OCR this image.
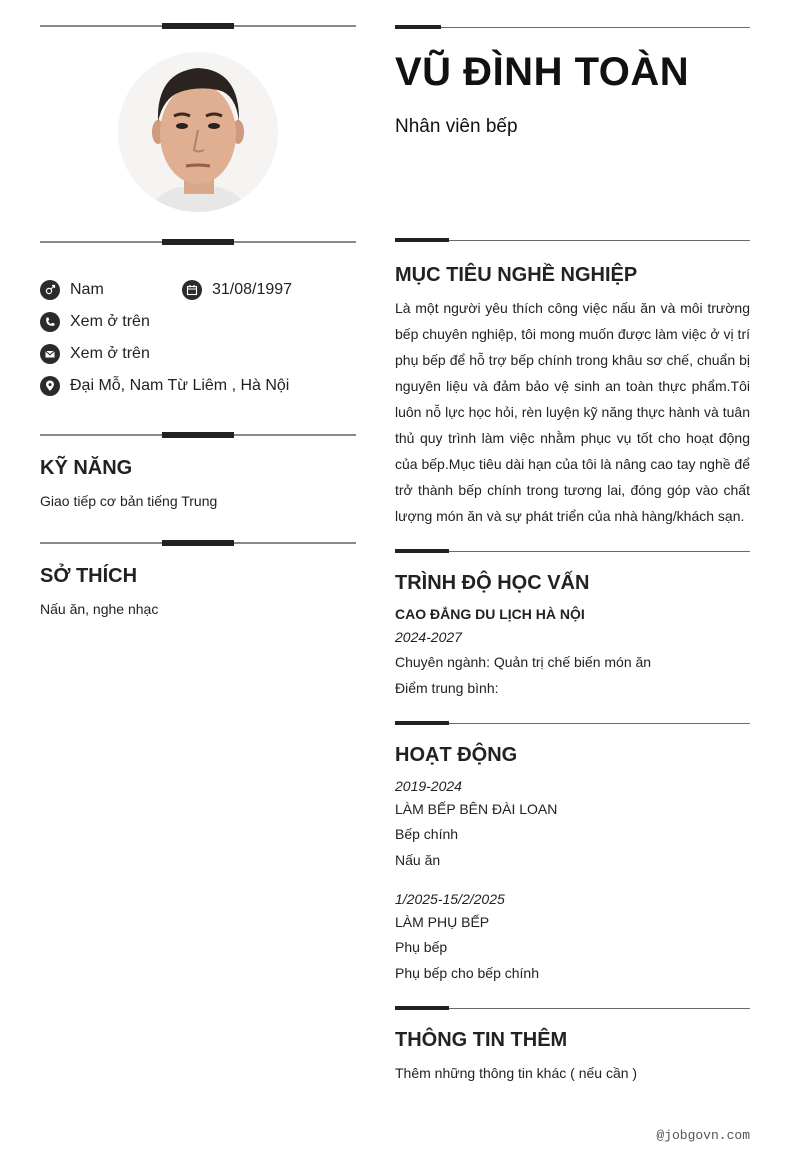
Nam	31/08/1997
Xem ở trên
Xem ở trên
Đại Mỗ, Nam Từ Liêm , Hà Nội
KỸ NĂNG
Giao tiếp cơ bản tiếng Trung
SỞ THÍCH
Nấu ăn, nghe nhạc
VŨ ĐÌNH TOÀN
Nhân viên bếp
MỤC TIÊU NGHỀ NGHIỆP
Là một người yêu thích công việc nấu ăn và môi trường bếp chuyên nghiệp, tôi mong muốn được làm việc ở vị trí phụ bếp để hỗ trợ bếp chính trong khâu sơ chế, chuẩn bị nguyên liệu và đảm bảo vệ sinh an toàn thực phẩm.Tôi luôn nỗ lực học hỏi, rèn luyện kỹ năng thực hành và tuân thủ quy trình làm việc nhằm phục vụ tốt cho hoạt động của bếp.Mục tiêu dài hạn của tôi là nâng cao tay nghề để trở thành bếp chính trong tương lai, đóng góp vào chất lượng món ăn và sự phát triển của nhà hàng/khách sạn.
TRÌNH ĐỘ HỌC VẤN
CAO ĐẲNG DU LỊCH HÀ NỘI
2024-2027
Chuyên ngành: Quản trị chế biến món ăn
Điểm trung bình:
HOẠT ĐỘNG
2019-2024
LÀM BẾP BÊN ĐÀI LOAN
Bếp chính
Nấu ăn
1/2025-15/2/2025
LÀM PHỤ BẾP
Phụ bếp
Phụ bếp cho bếp chính
THÔNG TIN THÊM
Thêm những thông tin khác ( nếu cần )
@jobgovn.com
